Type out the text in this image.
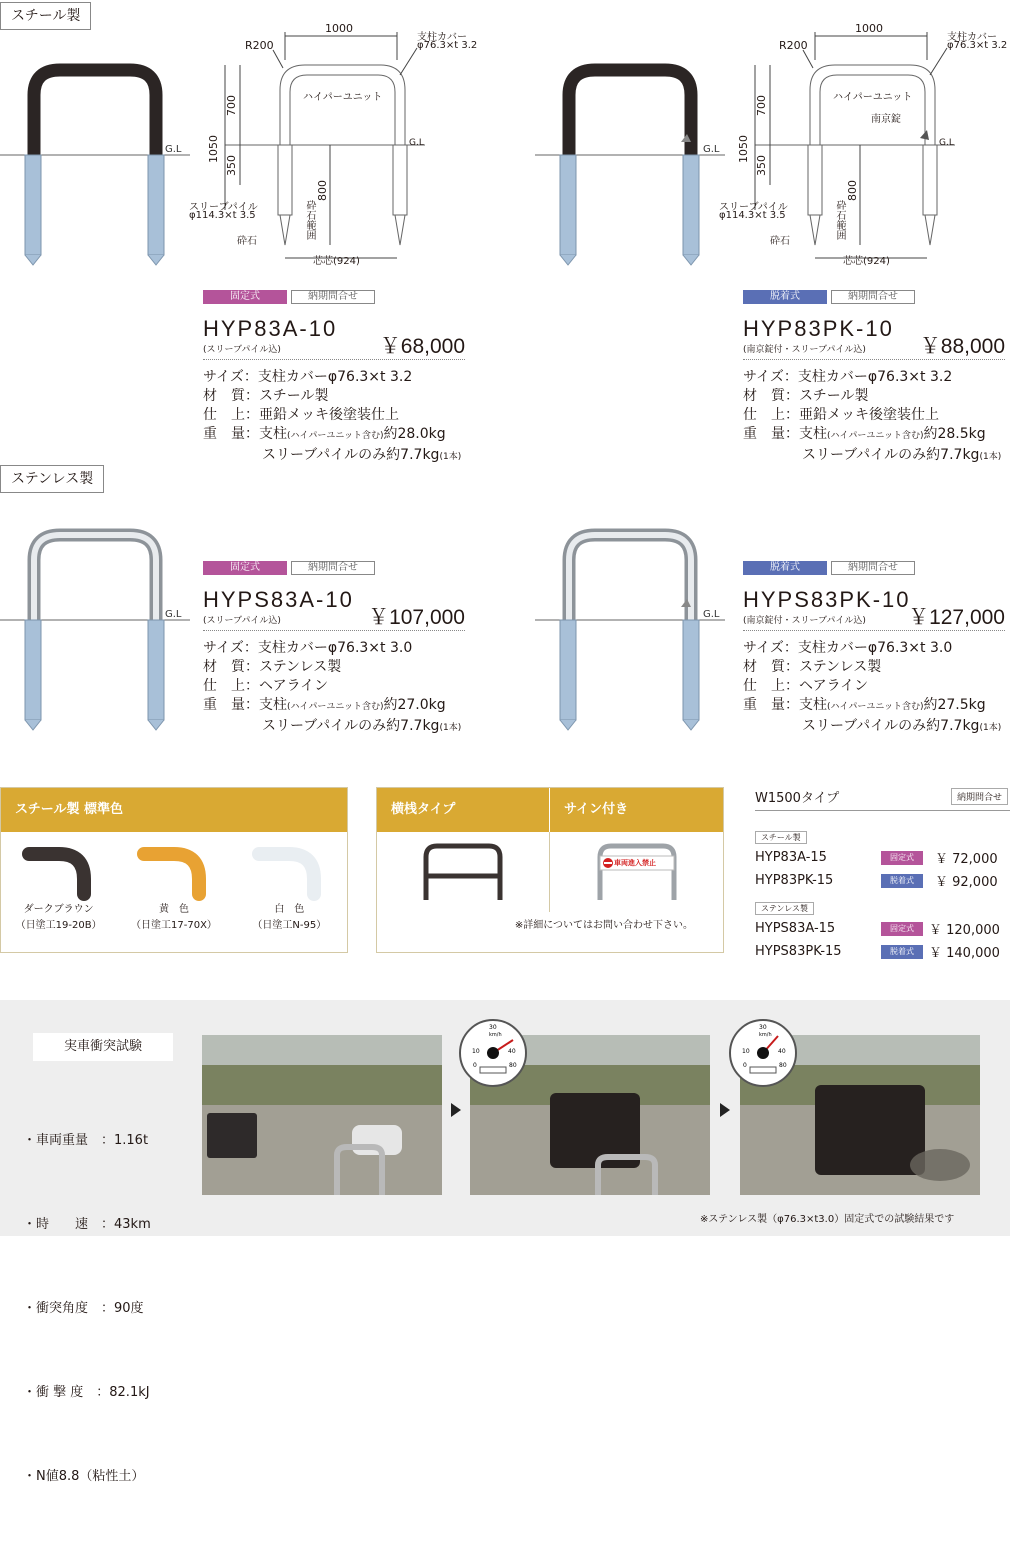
スチール製
ステンレス製
G.L	G.L
G.L	G.L
1000
R200
支柱カバー
φ76.3×t 3.2
ハイパーユニット
G.L
1050
700
350
800
スリーブパイル
φ114.3×t 3.5
砕石
砕石範囲
芯芯(924)
1000
R200
支柱カバー
φ76.3×t 3.2
ハイパーユニット
南京錠
G.L
1050
700
350
800
スリーブパイル
φ114.3×t 3.5
砕石
砕石範囲
芯芯(924)
固定式	納期問合せ
HYP83A-10
(スリーブパイル込)	￥68,000
サイズ：支柱カバーφ76.3×t 3.2
材　質：スチール製
仕　上：亜鉛メッキ後塗装仕上
重　量：支柱(ハイパーユニット含む)約28.0kg
スリーブパイルのみ約7.7kg(1本)
脱着式	納期問合せ
HYP83PK-10
(南京錠付・スリーブパイル込)	￥88,000
サイズ：支柱カバーφ76.3×t 3.2
材　質：スチール製
仕　上：亜鉛メッキ後塗装仕上
重　量：支柱(ハイパーユニット含む)約28.5kg
スリーブパイルのみ約7.7kg(1本)
固定式	納期問合せ
HYPS83A-10
(スリーブパイル込)	￥107,000
サイズ：支柱カバーφ76.3×t 3.0
材　質：ステンレス製
仕　上：ヘアライン
重　量：支柱(ハイパーユニット含む)約27.0kg
スリーブパイルのみ約7.7kg(1本)
脱着式	納期問合せ
HYPS83PK-10
(南京錠付・スリーブパイル込) ￥127,000
サイズ：支柱カバーφ76.3×t 3.0
材　質：ステンレス製
仕　上：ヘアライン
重　量：支柱(ハイパーユニット含む)約27.5kg
スリーブパイルのみ約7.7kg(1本)
スチール製 標準色
ダークブラウン
（日塗工19-20B）
黄　色
（日塗工17-70X）
白　色
（日塗工N-95）
横桟タイプ	サイン付き
車両進入禁止
※詳細についてはお問い合わせ下さい。
W1500タイプ	納期問合せ
スチール製
HYP83A-15	固定式	￥ 72,000
HYP83PK-15	脱着式	￥ 92,000
ステンレス製
HYPS83A-15	固定式	￥ 120,000
HYPS83PK-15	脱着式	￥ 140,000
実車衝突試験

・車両重量　：1.16t

・時　　速　：43km

・衝突角度　：90度

・衝 撃 度　：82.1kJ

・N値8.8（粘性土）

30
km/h
10	40
0	80
30
km/h
10	40
0	80
※ステンレス製（φ76.3×t3.0）固定式での試験結果です
